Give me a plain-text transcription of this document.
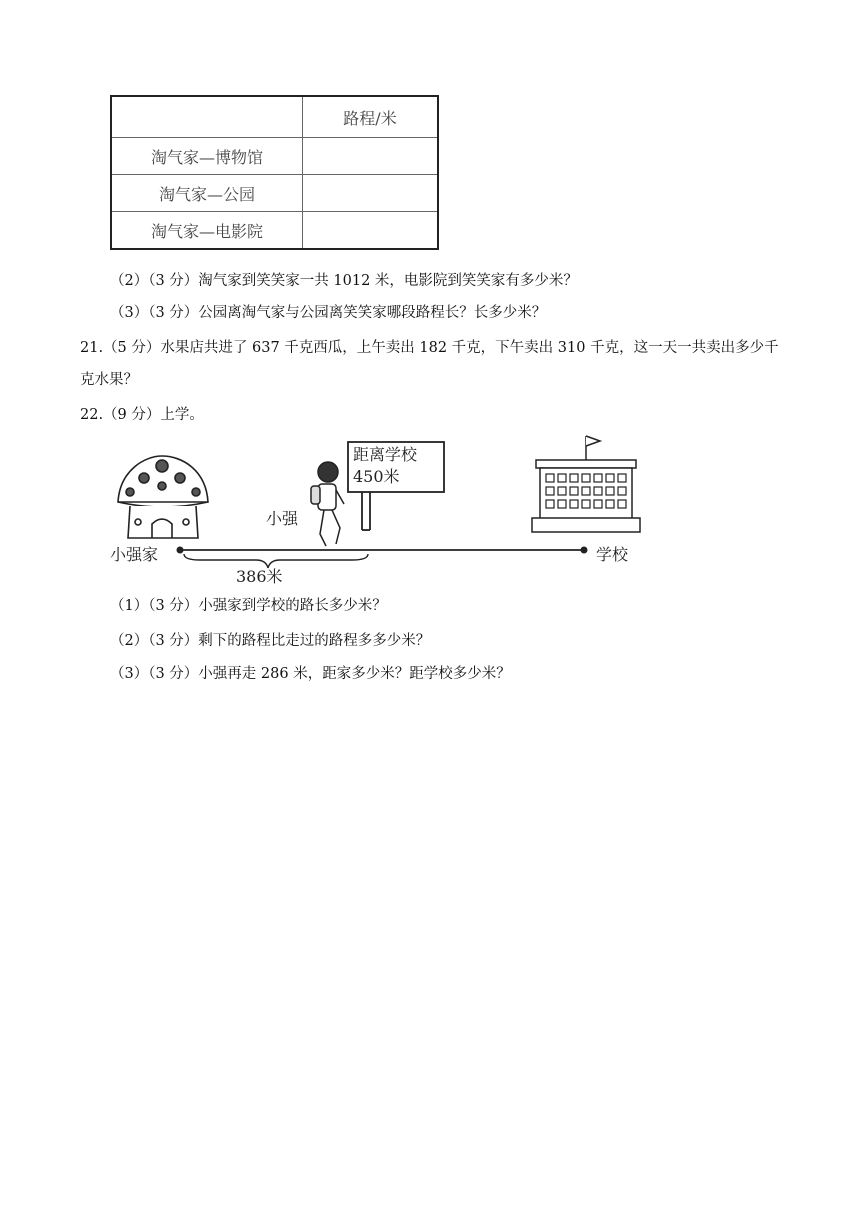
	路程/米
淘气家—博物馆	
淘气家—公园	
淘气家—电影院	
（2）（3 分）淘气家到笑笑家一共 1012 米，电影院到笑笑家有多少米？
（3）（3 分）公园离淘气家与公园离笑笑家哪段路程长？长多少米？
21.（5 分）水果店共进了 637 千克西瓜，上午卖出 182 千克，下午卖出 310 千克，这一天一共卖出多少千
克水果？
22.（9 分）上学。
距离学校
450米
小强
小强家	学校
386米
（1）（3 分）小强家到学校的路长多少米？
（2）（3 分）剩下的路程比走过的路程多多少米？
（3）（3 分）小强再走 286 米，距家多少米？距学校多少米？
